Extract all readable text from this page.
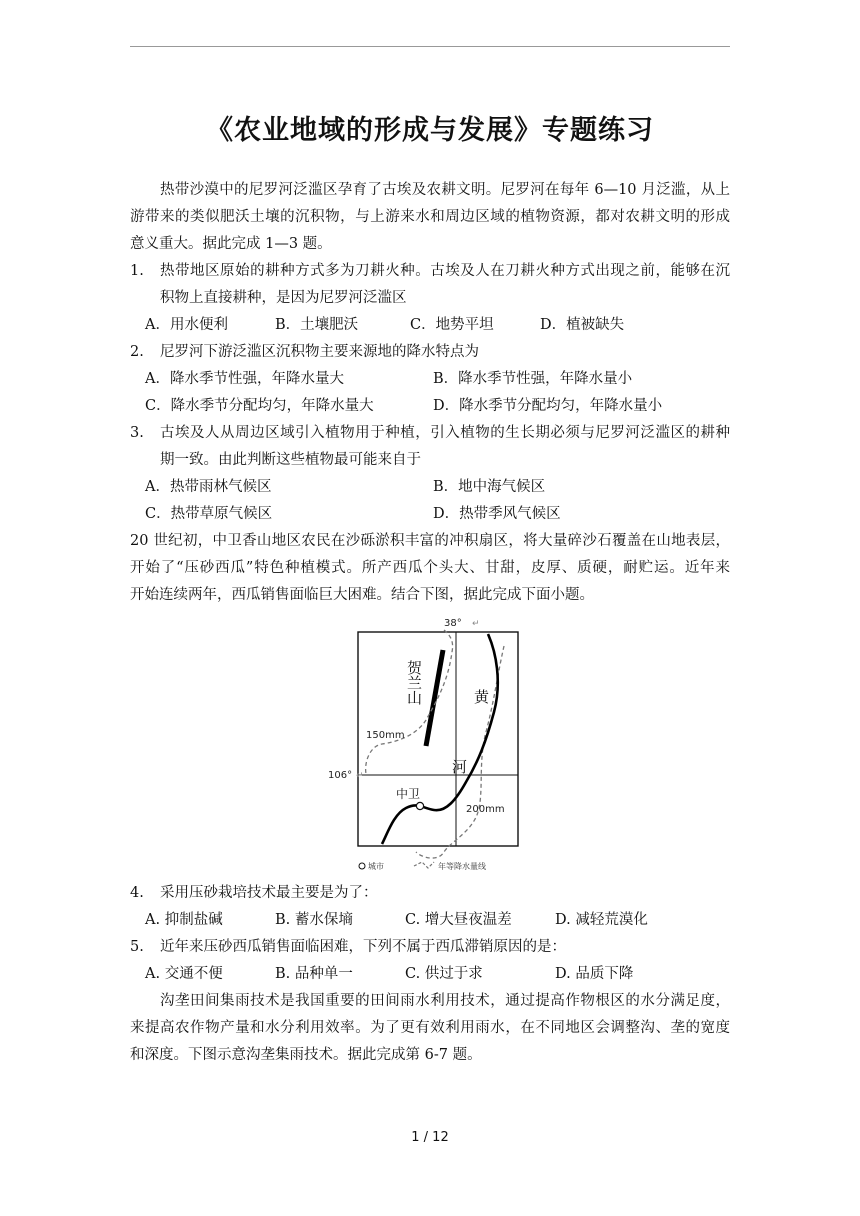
《农业地域的形成与发展》专题练习
热带沙漠中的尼罗河泛滥区孕育了古埃及农耕文明。尼罗河在每年 6—10 月泛滥，从上
游带来的类似肥沃土壤的沉积物，与上游来水和周边区域的植物资源，都对农耕文明的形成
意义重大。据此完成 1—3 题。
1. 热带地区原始的耕种方式多为刀耕火种。古埃及人在刀耕火种方式出现之前，能够在沉
积物上直接耕种，是因为尼罗河泛滥区
A．用水便利	B．土壤肥沃	C．地势平坦	D．植被缺失
2. 尼罗河下游泛滥区沉积物主要来源地的降水特点为
A．降水季节性强，年降水量大	B．降水季节性强，年降水量小
C．降水季节分配均匀，年降水量大	D．降水季节分配均匀，年降水量小
3. 古埃及人从周边区域引入植物用于种植，引入植物的生长期必须与尼罗河泛滥区的耕种
期一致。由此判断这些植物最可能来自于
A．热带雨林气候区	B．地中海气候区
C．热带草原气候区	D．热带季风气候区
20 世纪初，中卫香山地区农民在沙砾淤积丰富的冲积扇区，将大量碎沙石覆盖在山地表层，
开始了“压砂西瓜”特色种植模式。所产西瓜个头大、甘甜，皮厚、质硬，耐贮运。近年来
开始连续两年，西瓜销售面临巨大困难。结合下图，据此完成下面小题。
38° ↵
106° ↵
贺兰山
150mm
200mm
黄
河
中卫
城市	年等降水量线
4. 采用压砂栽培技术最主要是为了：
A. 抑制盐碱	B. 蓄水保墒	C. 增大昼夜温差	D. 减轻荒漠化
5. 近年来压砂西瓜销售面临困难，下列不属于西瓜滞销原因的是：
A. 交通不便	B. 品种单一	C. 供过于求	D. 品质下降
沟垄田间集雨技术是我国重要的田间雨水利用技术，通过提高作物根区的水分满足度，
来提高农作物产量和水分利用效率。为了更有效利用雨水，在不同地区会调整沟、垄的宽度
和深度。下图示意沟垄集雨技术。据此完成第 6-7 题。
1 / 12
